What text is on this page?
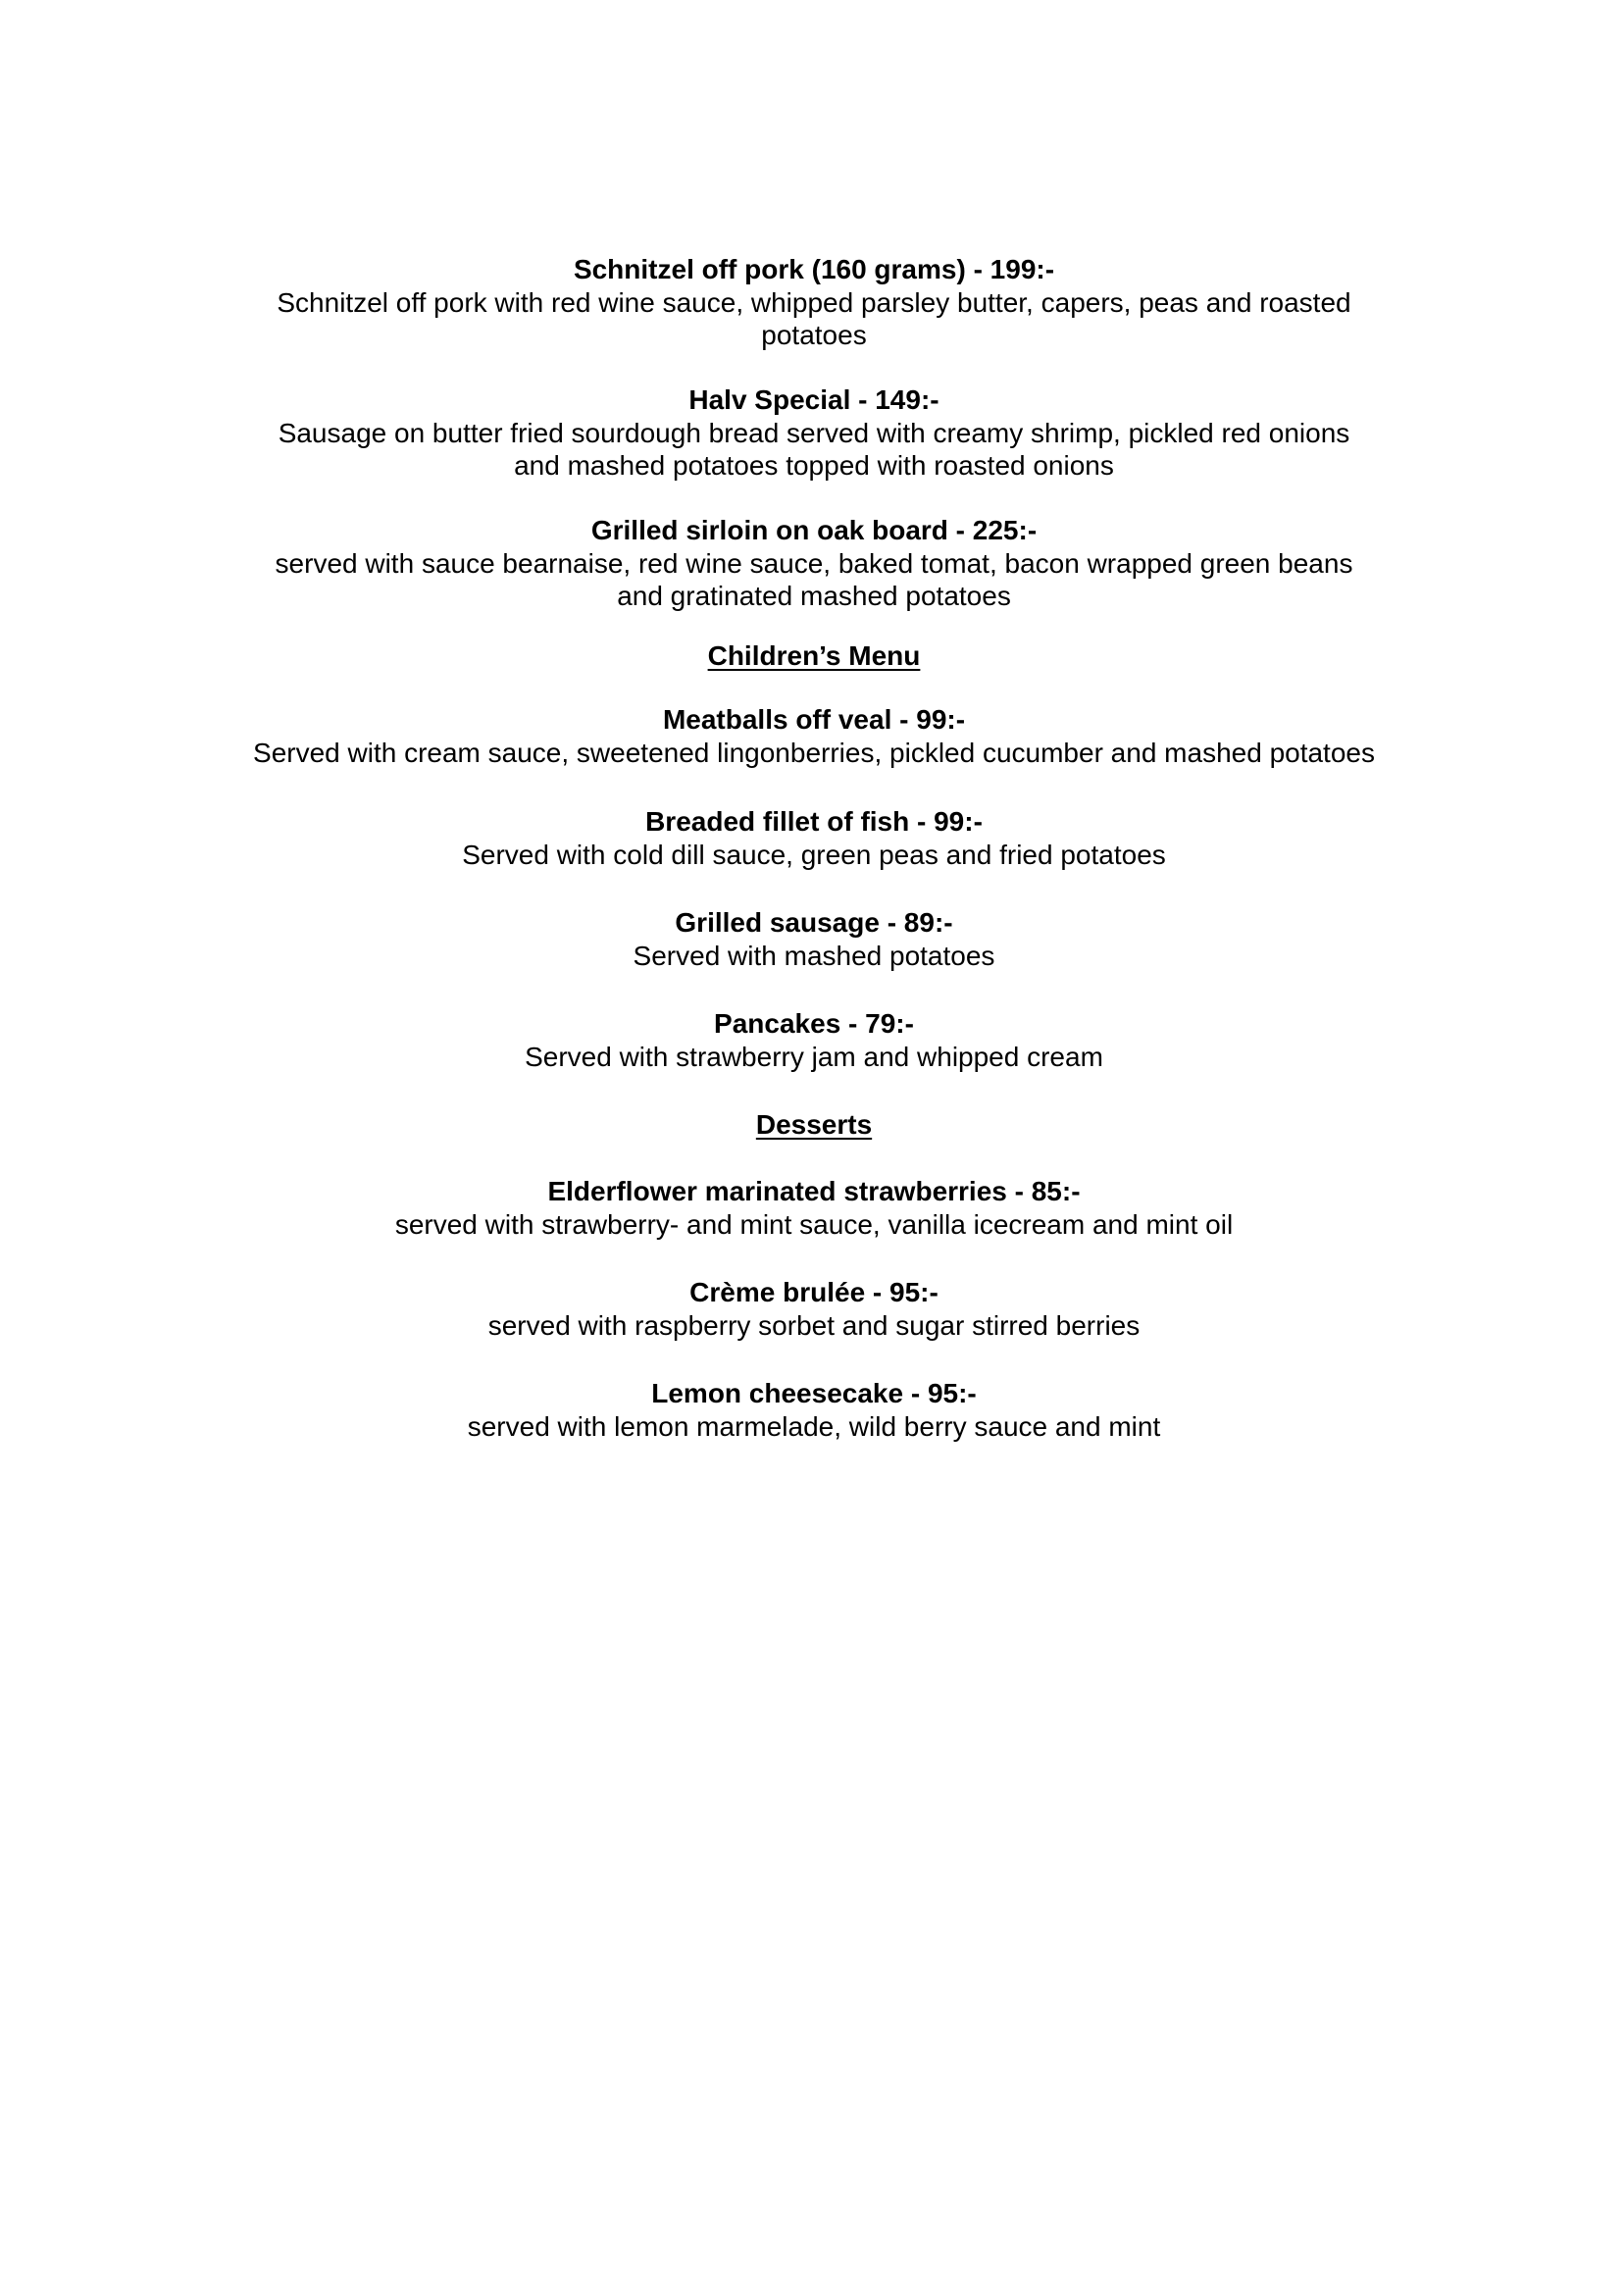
Schnitzel off pork (160 grams) - 199:-
Schnitzel off pork with red wine sauce, whipped parsley butter, capers, peas and roasted potatoes
Halv Special - 149:-
Sausage on butter fried sourdough bread served with creamy shrimp, pickled red onions and mashed potatoes topped with roasted onions
Grilled sirloin on oak board - 225:-
served with sauce bearnaise, red wine sauce, baked tomat, bacon wrapped green beans and gratinated mashed potatoes
Children’s Menu
Meatballs off veal - 99:-
Served with cream sauce, sweetened lingonberries, pickled cucumber and mashed potatoes
Breaded fillet of fish - 99:-
Served with cold dill sauce, green peas and fried potatoes
Grilled sausage - 89:-
Served with mashed potatoes
Pancakes - 79:-
Served with strawberry jam and whipped cream
Desserts
Elderflower marinated strawberries - 85:-
served with strawberry- and mint sauce, vanilla icecream and mint oil
Crème brulée - 95:-
served with raspberry sorbet and sugar stirred berries
Lemon cheesecake - 95:-
served with lemon marmelade, wild berry sauce and mint
